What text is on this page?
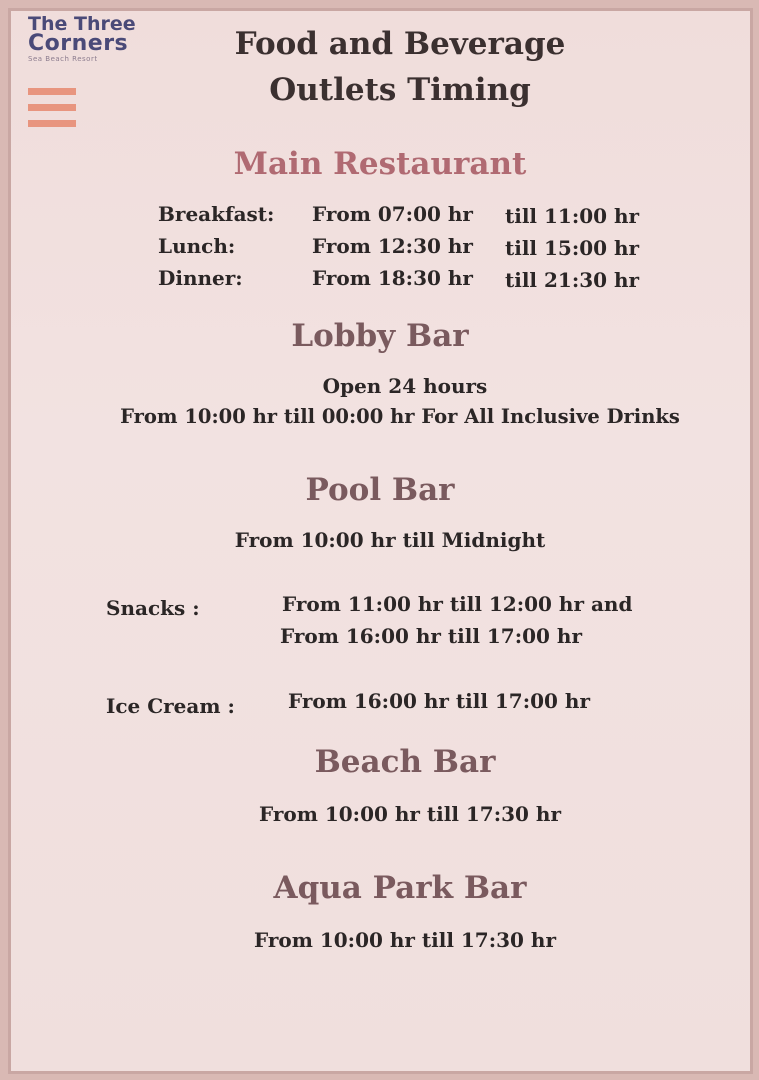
The Three
Corners
Sea Beach Resort	Food and Beverage
Outlets Timing
Main Restaurant
Breakfast: From 07:00 hr till 11:00 hr
Lunch:	From 12:30 hr till 15:00 hr
Dinner:	From 18:30 hr till 21:30 hr
Lobby Bar
Open 24 hours
From 10:00 hr till 00:00 hr For All Inclusive Drinks
Pool Bar
From 10:00 hr till Midnight
Snacks :	From 11:00 hr till 12:00 hr and
From 16:00 hr till 17:00 hr
Ice Cream :	From 16:00 hr till 17:00 hr
Beach Bar
From 10:00 hr till 17:30 hr
Aqua Park Bar
From 10:00 hr till 17:30 hr
